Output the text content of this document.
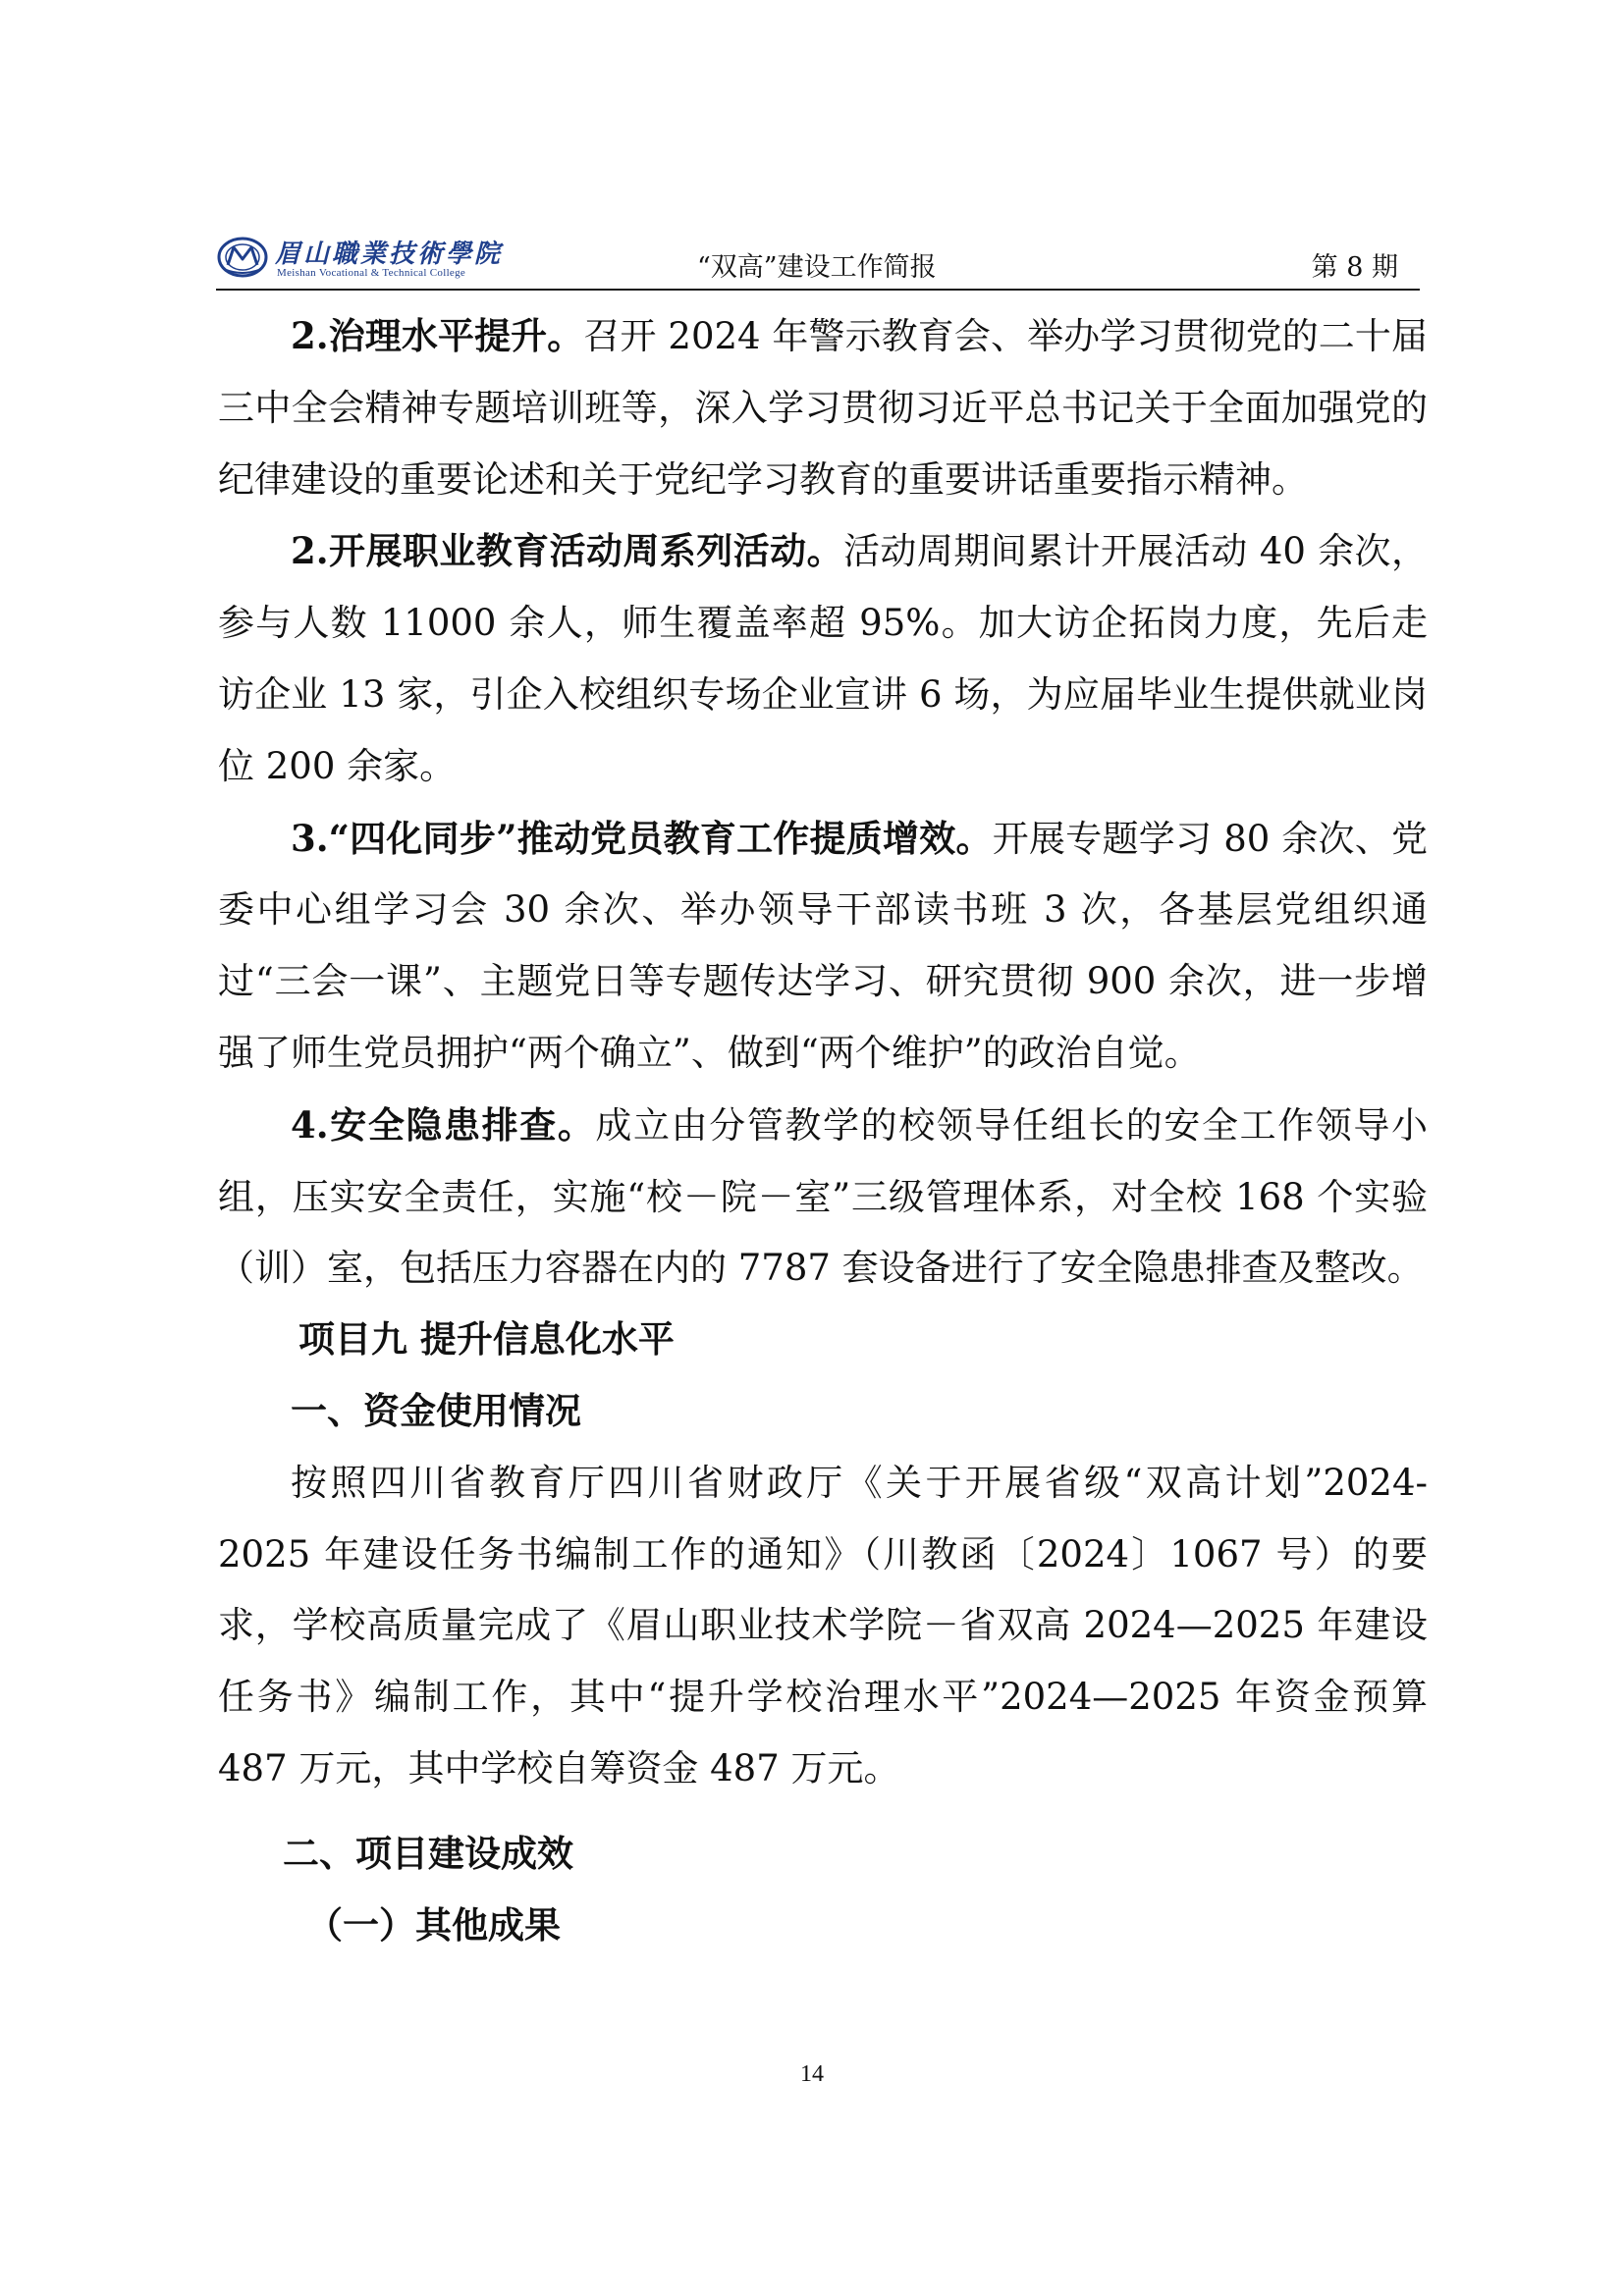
眉山職業技術學院
Meishan Vocational & Technical College	“双高”建设工作简报	第 8 期

2.治理水平提升。召开 2024 年警示教育会、举办学习贯彻党的二十届三中全会精神专题培训班等，深入学习贯彻习近平总书记关于全面加强党的纪律建设的重要论述和关于党纪学习教育的重要讲话重要指示精神。

2.开展职业教育活动周系列活动。活动周期间累计开展活动 40 余次，参与人数 11000 余人，师生覆盖率超 95%。加大访企拓岗力度，先后走访企业 13 家，引企入校组织专场企业宣讲 6 场，为应届毕业生提供就业岗位 200 余家。

3.“四化同步”推动党员教育工作提质增效。开展专题学习 80 余次、党委中心组学习会 30 余次、举办领导干部读书班 3 次，各基层党组织通过“三会一课”、主题党日等专题传达学习、研究贯彻 900 余次，进一步增强了师生党员拥护“两个确立”、做到“两个维护”的政治自觉。

4.安全隐患排查。成立由分管教学的校领导任组长的安全工作领导小组，压实安全责任，实施“校－院－室”三级管理体系，对全校 168 个实验（训）室，包括压力容器在内的 7787 套设备进行了安全隐患排查及整改。

项目九 提升信息化水平

一、资金使用情况

按照四川省教育厅四川省财政厅《关于开展省级“双高计划”2024-2025 年建设任务书编制工作的通知》（川教函〔2024〕1067 号）的要求，学校高质量完成了《眉山职业技术学院－省双高 2024—2025 年建设任务书》编制工作，其中“提升学校治理水平”2024—2025 年资金预算 487 万元，其中学校自筹资金 487 万元。

二、项目建设成效

（一）其他成果

14
